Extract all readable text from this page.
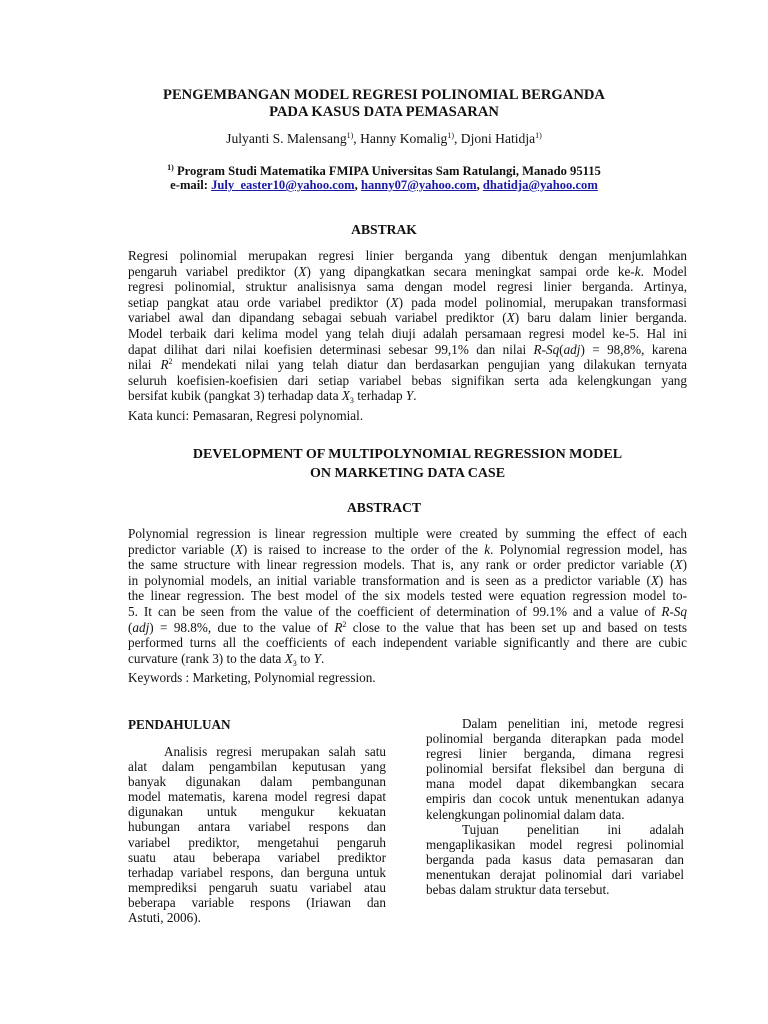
PENGEMBANGAN MODEL REGRESI POLINOMIAL BERGANDA
PADA KASUS DATA PEMASARAN
Julyanti S. Malensang$^{1)}$, Hanny Komalig$^{1)}$, Djoni Hatidja$^{1)}$
$^{1)}$ Program Studi Matematika FMIPA Universitas Sam Ratulangi, Manado 95115
e-mail: July_easter10@yahoo.com, hanny07@yahoo.com, dhatidja@yahoo.com
ABSTRAK
Regresi polinomial merupakan regresi linier berganda yang dibentuk dengan menjumlahkan
pengaruh variabel prediktor (X) yang dipangkatkan secara meningkat sampai orde ke-k. Model
regresi polinomial, struktur analisisnya sama dengan model regresi linier berganda. Artinya,
setiap pangkat atau orde variabel prediktor (X) pada model polinomial, merupakan transformasi
variabel awal dan dipandang sebagai sebuah variabel prediktor (X) baru dalam linier berganda.
Model terbaik dari kelima model yang telah diuji adalah persamaan regresi model ke-5. Hal ini
dapat dilihat dari nilai koefisien determinasi sebesar 99,1% dan nilai R-Sq(adj) = 98,8%, karena
nilai $R^2$ mendekati nilai yang telah diatur dan berdasarkan pengujian yang dilakukan ternyata
seluruh koefisien-koefisien dari setiap variabel bebas signifikan serta ada kelengkungan yang
bersifat kubik (pangkat 3) terhadap data $X_3$ terhadap Y.
Kata kunci: Pemasaran, Regresi polynomial.
DEVELOPMENT OF MULTIPOLYNOMIAL REGRESSION MODEL
ON MARKETING DATA CASE
ABSTRACT
Polynomial regression is linear regression multiple were created by summing the effect of each
predictor variable (X) is raised to increase to the order of the k. Polynomial regression model, has
the same structure with linear regression models. That is, any rank or order predictor variable (X)
in polynomial models, an initial variable transformation and is seen as a predictor variable (X) has
the linear regression. The best model of the six models tested were equation regression model to-
5. It can be seen from the value of the coefficient of determination of 99.1% and a value of R-Sq
(adj) = 98.8%, due to the value of $R^2$ close to the value that has been set up and based on tests
performed turns all the coefficients of each independent variable significantly and there are cubic
curvature (rank 3) to the data $X_3$ to Y.
Keywords : Marketing, Polynomial regression.
PENDAHULUAN
Analisis regresi merupakan salah satu
alat dalam pengambilan keputusan yang
banyak digunakan dalam pembangunan
model matematis, karena model regresi dapat
digunakan untuk mengukur kekuatan
hubungan antara variabel respons dan
variabel prediktor, mengetahui pengaruh
suatu atau beberapa variabel prediktor
terhadap variabel respons, dan berguna untuk
memprediksi pengaruh suatu variabel atau
beberapa variable respons (Iriawan dan
Astuti, 2006).
Dalam penelitian ini, metode regresi
polinomial berganda diterapkan pada model
regresi linier berganda, dimana regresi
polinomial bersifat fleksibel dan berguna di
mana model dapat dikembangkan secara
empiris dan cocok untuk menentukan adanya
kelengkungan polinomial dalam data.
Tujuan penelitian ini adalah
mengaplikasikan model regresi polinomial
berganda pada kasus data pemasaran dan
menentukan derajat polinomial dari variabel
bebas dalam struktur data tersebut.
